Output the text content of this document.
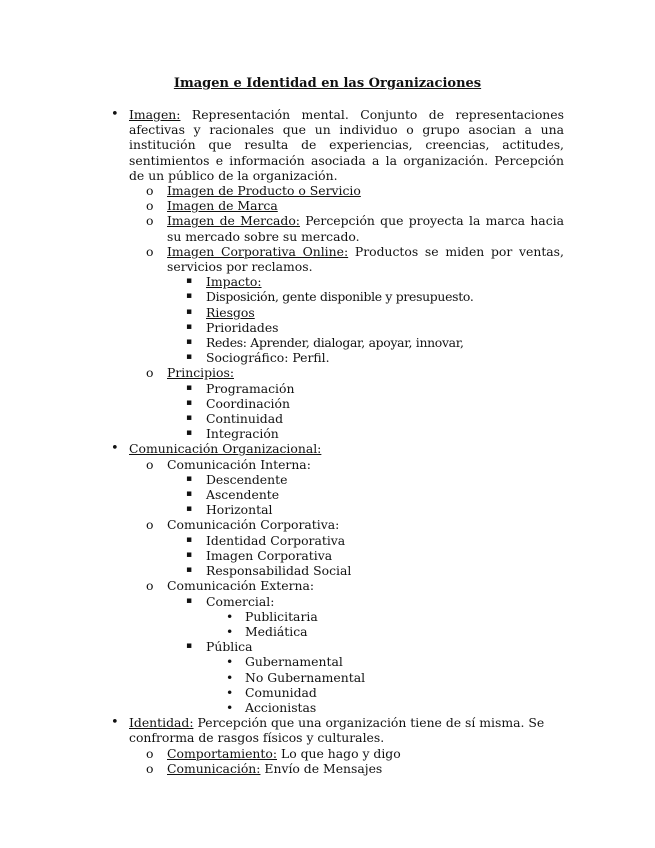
Imagen e Identidad en las Organizaciones
• Imagen: Representación mental. Conjunto de representaciones afectivas y racionales que un individuo o grupo asocian a una institución que resulta de experiencias, creencias, actitudes, sentimientos e información asociada a la organización. Percepción de un público de la organización.
o Imagen de Producto o Servicio
o Imagen de Marca
o Imagen de Mercado: Percepción que proyecta la marca hacia su mercado sobre su mercado.
o Imagen Corporativa Online: Productos se miden por ventas, servicios por reclamos.
▪ Impacto:
▪ Disposición, gente disponible y presupuesto.
▪ Riesgos
▪ Prioridades
▪ Redes: Aprender, dialogar, apoyar, innovar,
▪ Sociográfico: Perfil.
o Principios:
▪ Programación
▪ Coordinación
▪ Continuidad
▪ Integración
• Comunicación Organizacional:
o Comunicación Interna:
▪ Descendente
▪ Ascendente
▪ Horizontal
o Comunicación Corporativa:
▪ Identidad Corporativa
▪ Imagen Corporativa
▪ Responsabilidad Social
o Comunicación Externa:
▪ Comercial:
• Publicitaria
• Mediática
▪ Pública
• Gubernamental
• No Gubernamental
• Comunidad
• Accionistas
• Identidad: Percepción que una organización tiene de sí misma. Se confrorma de rasgos físicos y culturales.
o Comportamiento: Lo que hago y digo
o Comunicación: Envío de Mensajes
